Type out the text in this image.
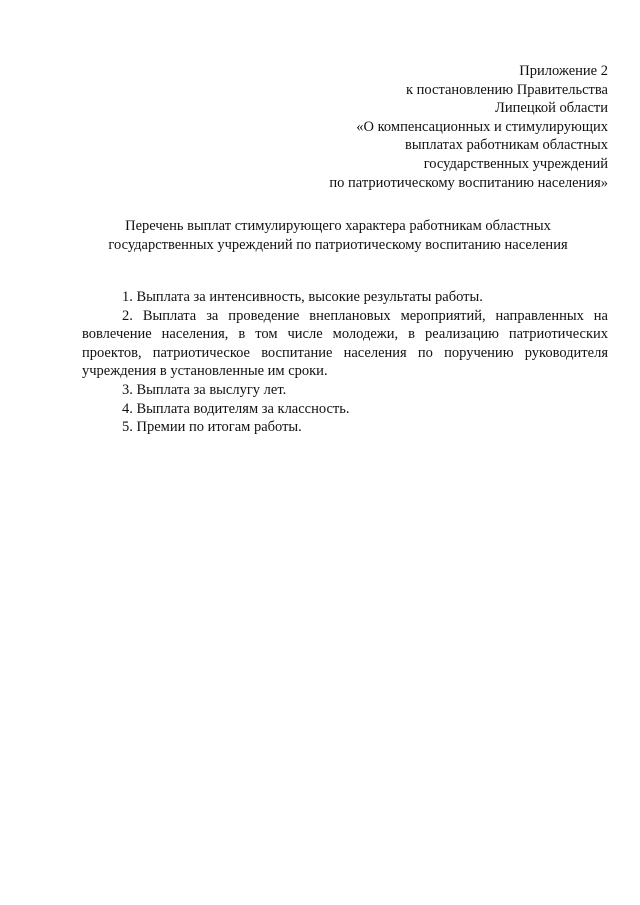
Приложение 2
к постановлению Правительства
Липецкой области
«О компенсационных и стимулирующих
выплатах работникам областных
государственных учреждений
по патриотическому воспитанию населения»
Перечень выплат стимулирующего характера работникам областных
государственных учреждений по патриотическому воспитанию населения

1. Выплата за интенсивность, высокие результаты работы.

2. Выплата за проведение внеплановых мероприятий, направленных на вовлечение населения, в том числе молодежи, в реализацию патриотических проектов, патриотическое воспитание населения по поручению руководителя учреждения в установленные им сроки.

3. Выплата за выслугу лет.

4. Выплата водителям за классность.

5. Премии по итогам работы.
